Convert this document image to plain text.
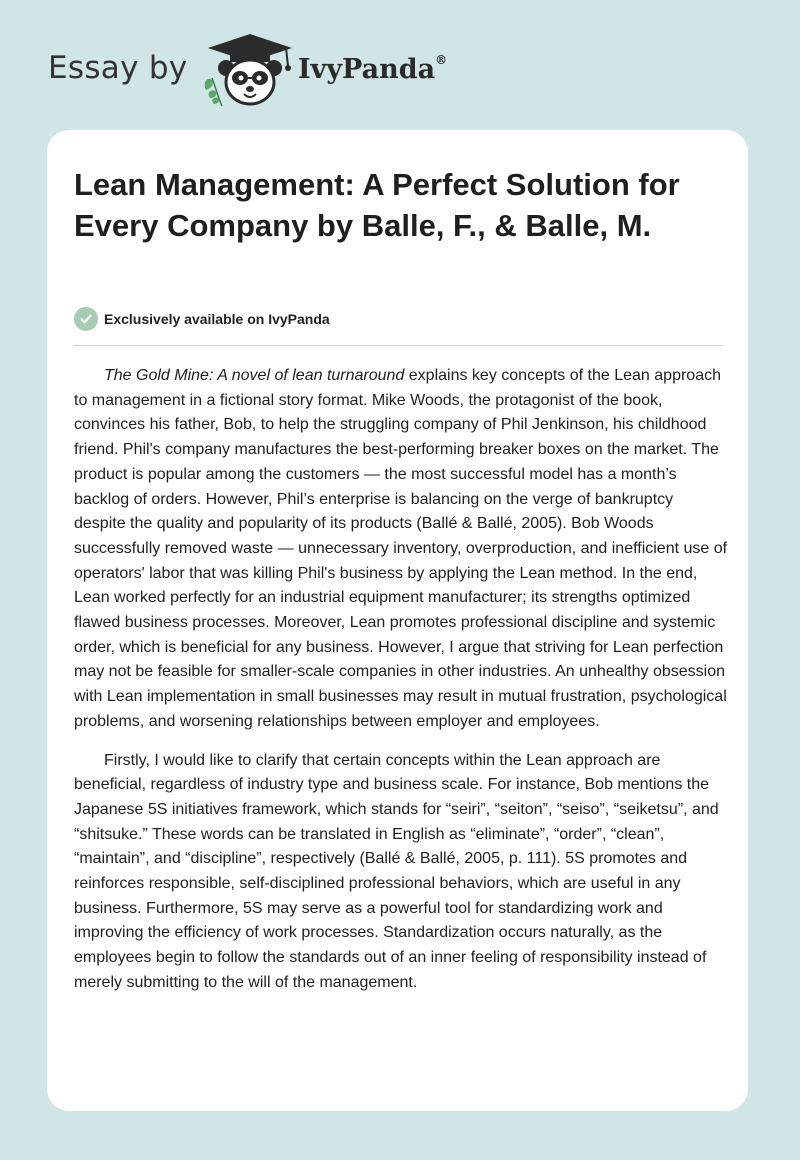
Essay by	IvyPanda®
Lean Management: A Perfect Solution for Every Company by Balle, F., & Balle, M.
Exclusively available on IvyPanda

The Gold Mine: A novel of lean turnaround explains key concepts of the Lean approach to management in a fictional story format. Mike Woods, the protagonist of the book, convinces his father, Bob, to help the struggling company of Phil Jenkinson, his childhood friend. Phil's company manufactures the best-performing breaker boxes on the market. The product is popular among the customers — the most successful model has a month’s backlog of orders. However, Phil’s enterprise is balancing on the verge of bankruptcy despite the quality and popularity of its products (Ballé & Ballé, 2005). Bob Woods successfully removed waste — unnecessary inventory, overproduction, and inefficient use of operators' labor that was killing Phil's business by applying the Lean method. In the end, Lean worked perfectly for an industrial equipment manufacturer; its strengths optimized flawed business processes. Moreover, Lean promotes professional discipline and systemic order, which is beneficial for any business. However, I argue that striving for Lean perfection may not be feasible for smaller-scale companies in other industries. An unhealthy obsession with Lean implementation in small businesses may result in mutual frustration, psychological problems, and worsening relationships between employer and employees.

Firstly, I would like to clarify that certain concepts within the Lean approach are beneficial, regardless of industry type and business scale. For instance, Bob mentions the Japanese 5S initiatives framework, which stands for “seiri”, “seiton”, “seiso”, “seiketsu”, and “shitsuke.” These words can be translated in English as “eliminate”, “order”, “clean”, “maintain”, and “discipline”, respectively (Ballé & Ballé, 2005, p. 111). 5S promotes and reinforces responsible, self-disciplined professional behaviors, which are useful in any business. Furthermore, 5S may serve as a powerful tool for standardizing work and improving the efficiency of work processes. Standardization occurs naturally, as the employees begin to follow the standards out of an inner feeling of responsibility instead of merely submitting to the will of the management.
